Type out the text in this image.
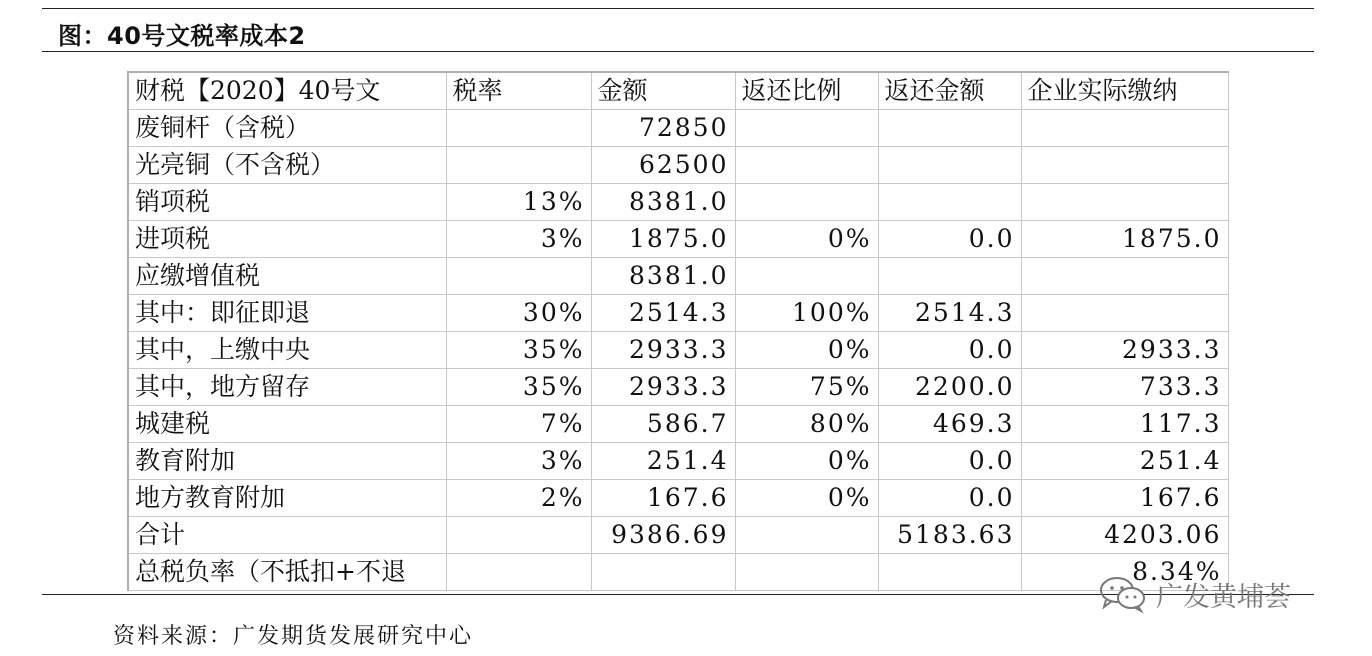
图：40号文税率成本2
财税【2020】40号文	税率	金额	返还比例	返还金额	企业实际缴纳
废铜杆（含税）		72850			
光亮铜（不含税）		62500			
销项税	13%	8381.0			
进项税	3%	1875.0	0%	0.0	1875.0
应缴增值税		8381.0			
其中：即征即退	30%	2514.3	100%	2514.3	
其中，上缴中央	35%	2933.3	0%	0.0	2933.3
其中，地方留存	35%	2933.3	75%	2200.0	733.3
城建税	7%	586.7	80%	469.3	117.3
教育附加	3%	251.4	0%	0.0	251.4
地方教育附加	2%	167.6	0%	0.0	167.6
合计		9386.69		5183.63	4203.06
总税负率（不抵扣+不退					8.34%
资料来源：广发期货发展研究中心
广发黄埔荟
